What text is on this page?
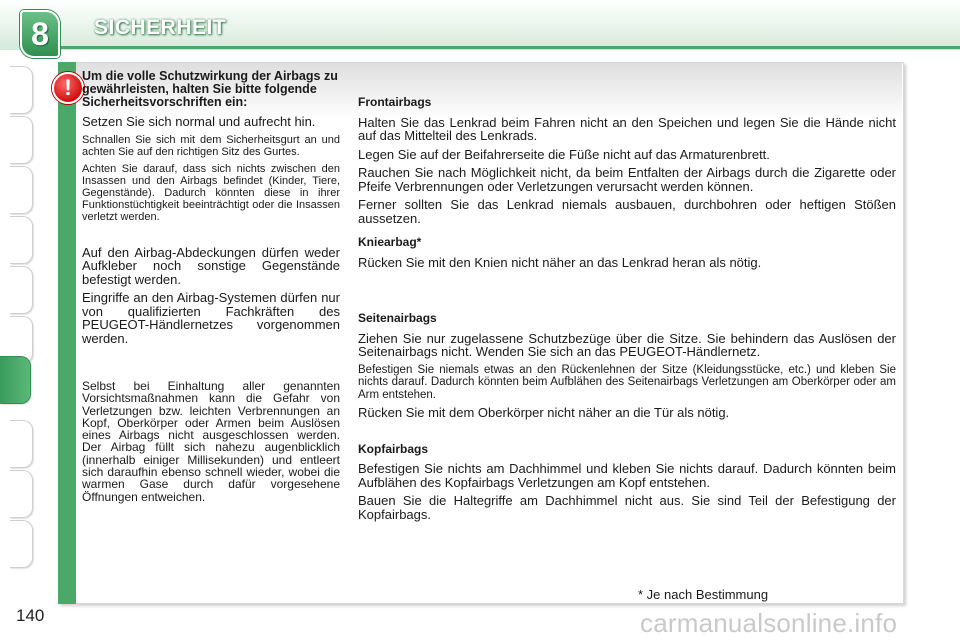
8 SICHERHEIT
! Um die volle Schutzwirkung der Airbags zu gewährleisten, halten Sie bitte folgende Sicherheitsvorschriften ein:

Setzen Sie sich normal und aufrecht hin.

Schnallen Sie sich mit dem Sicherheitsgurt an und achten Sie auf den richtigen Sitz des Gurtes.

Achten Sie darauf, dass sich nichts zwischen den Insassen und den Airbags befindet (Kinder, Tiere, Gegenstände). Dadurch könnten diese in ihrer Funktionstüchtigkeit beeinträchtigt oder die Insassen verletzt werden.

Auf den Airbag-Abdeckungen dürfen weder Aufkleber noch sonstige Gegenstände befestigt werden.

Eingriffe an den Airbag-Systemen dürfen nur von qualifizierten Fachkräften des PEUGEOT-Händlernetzes vorgenommen werden.

Selbst bei Einhaltung aller genannten Vorsichtsmaßnahmen kann die Gefahr von Verletzungen bzw. leichten Verbrennungen an Kopf, Oberkörper oder Armen beim Auslösen eines Airbags nicht ausgeschlossen werden. Der Airbag füllt sich nahezu augenblicklich (innerhalb einiger Millisekunden) und entleert sich daraufhin ebenso schnell wieder, wobei die warmen Gase durch dafür vorgesehene Öffnungen entweichen.

Frontairbags

Halten Sie das Lenkrad beim Fahren nicht an den Speichen und legen Sie die Hände nicht auf das Mittelteil des Lenkrads.

Legen Sie auf der Beifahrerseite die Füße nicht auf das Armaturenbrett.

Rauchen Sie nach Möglichkeit nicht, da beim Entfalten der Airbags durch die Zigarette oder Pfeife Verbrennungen oder Verletzungen verursacht werden können.

Ferner sollten Sie das Lenkrad niemals ausbauen, durchbohren oder heftigen Stößen aussetzen.

Kniearbag*

Rücken Sie mit den Knien nicht näher an das Lenkrad heran als nötig.

Seitenairbags

Ziehen Sie nur zugelassene Schutzbezüge über die Sitze. Sie behindern das Auslösen der Seitenairbags nicht. Wenden Sie sich an das PEUGEOT-Händlernetz.

Befestigen Sie niemals etwas an den Rückenlehnen der Sitze (Kleidungsstücke, etc.) und kleben Sie nichts darauf. Dadurch könnten beim Aufblähen des Seitenairbags Verletzungen am Oberkörper oder am Arm entstehen.

Rücken Sie mit dem Oberkörper nicht näher an die Tür als nötig.

Kopfairbags

Befestigen Sie nichts am Dachhimmel und kleben Sie nichts darauf. Dadurch könnten beim Aufblähen des Kopfairbags Verletzungen am Kopf entstehen.

Bauen Sie die Haltegriffe am Dachhimmel nicht aus. Sie sind Teil der Befestigung der Kopfairbags.

* Je nach Bestimmung
140	carmanualsonline.info
